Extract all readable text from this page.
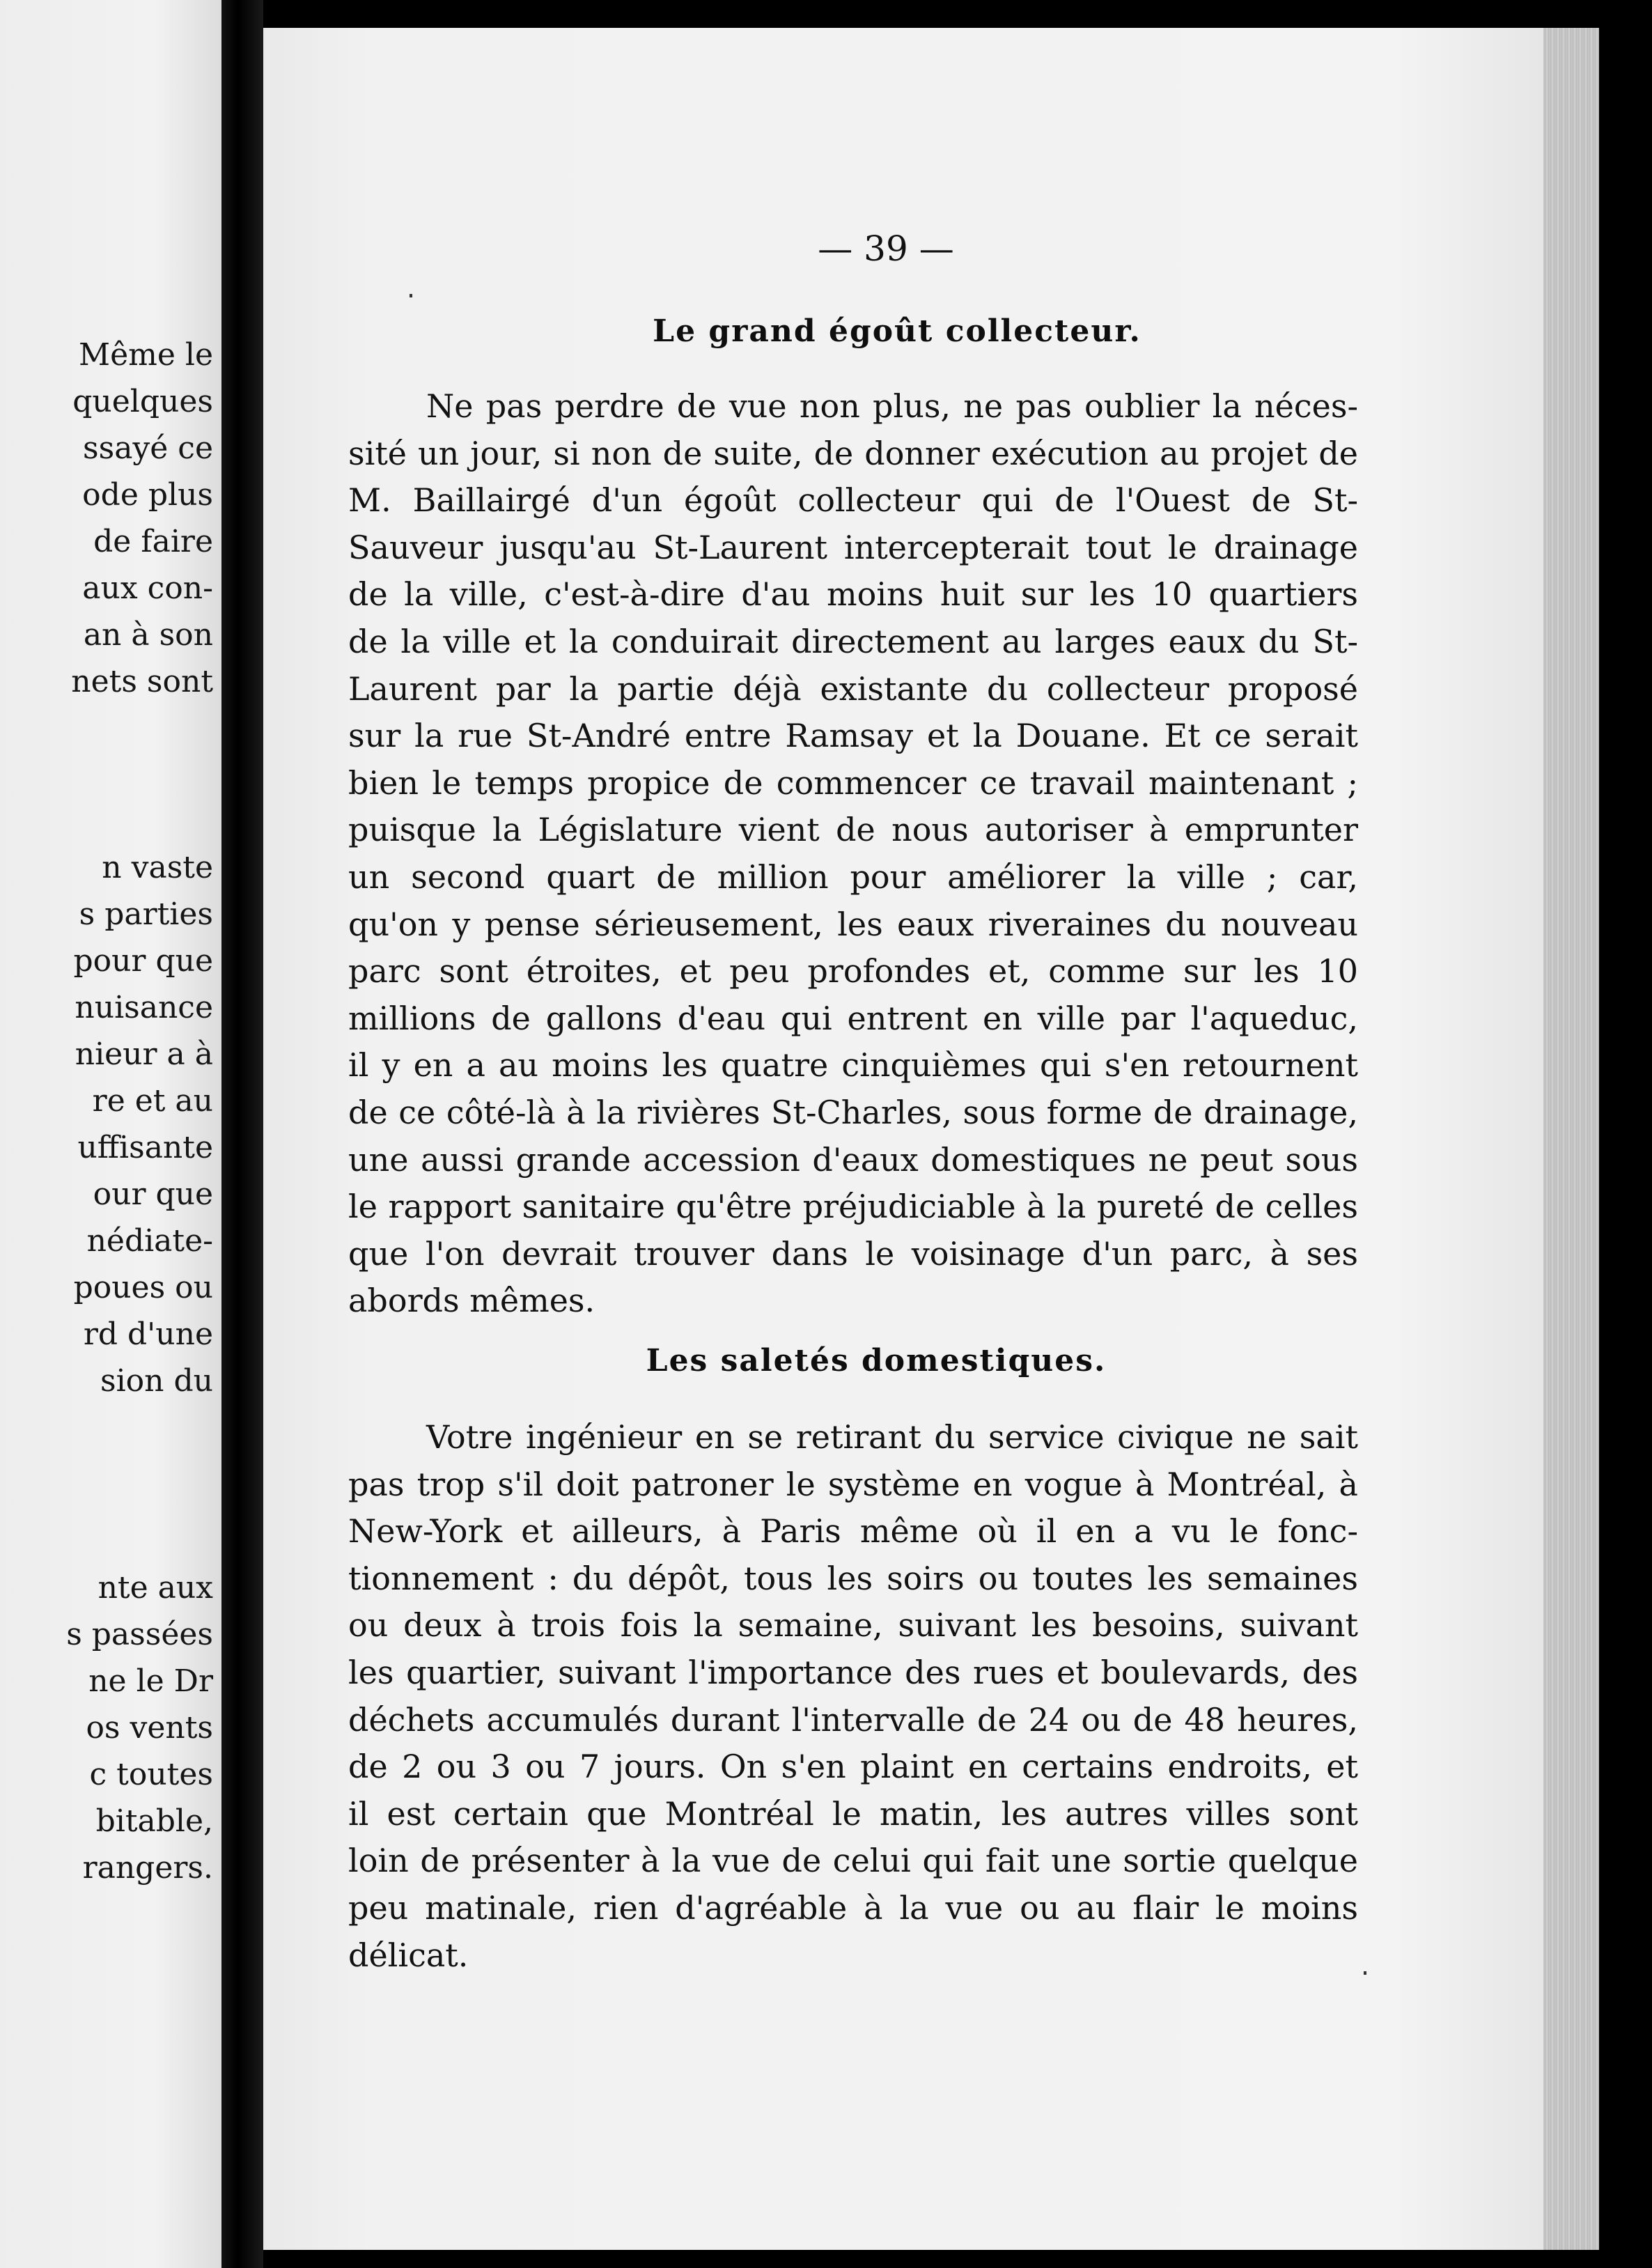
Même le
quelques
ssayé ce
ode plus
de faire
aux con-
an à son
nets sont
n vaste
s parties
pour que
nuisance
nieur a à
re et au
uffisante
our que
nédiate-
poues ou
rd d'une
sion du
nte aux
s passées
ne le Dr
os vents
c toutes
bitable,
rangers.
— 39 —
Le grand égoût collecteur.
Ne pas perdre de vue non plus, ne pas oublier la néces-
sité un jour, si non de suite, de donner exécution au projet de
M. Baillairgé d'un égoût collecteur qui de l'Ouest de St-
Sauveur jusqu'au St-Laurent intercepterait tout le drainage
de la ville, c'est-à-dire d'au moins huit sur les 10 quartiers
de la ville et la conduirait directement au larges eaux du St-
Laurent par la partie déjà existante du collecteur proposé
sur la rue St-André entre Ramsay et la Douane. Et ce serait
bien le temps propice de commencer ce travail maintenant ;
puisque la Législature vient de nous autoriser à emprunter
un second quart de million pour améliorer la ville ; car,
qu'on y pense sérieusement, les eaux riveraines du nouveau
parc sont étroites, et peu profondes et, comme sur les 10
millions de gallons d'eau qui entrent en ville par l'aqueduc,
il y en a au moins les quatre cinquièmes qui s'en retournent
de ce côté-là à la rivières St-Charles, sous forme de drainage,
une aussi grande accession d'eaux domestiques ne peut sous
le rapport sanitaire qu'être préjudiciable à la pureté de celles
que l'on devrait trouver dans le voisinage d'un parc, à ses
abords mêmes.
Les saletés domestiques.
Votre ingénieur en se retirant du service civique ne sait
pas trop s'il doit patroner le système en vogue à Montréal, à
New-York et ailleurs, à Paris même où il en a vu le fonc-
tionnement : du dépôt, tous les soirs ou toutes les semaines
ou deux à trois fois la semaine, suivant les besoins, suivant
les quartier, suivant l'importance des rues et boulevards, des
déchets accumulés durant l'intervalle de 24 ou de 48 heures,
de 2 ou 3 ou 7 jours. On s'en plaint en certains endroits, et
il est certain que Montréal le matin, les autres villes sont
loin de présenter à la vue de celui qui fait une sortie quelque
peu matinale, rien d'agréable à la vue ou au flair le moins
délicat.
